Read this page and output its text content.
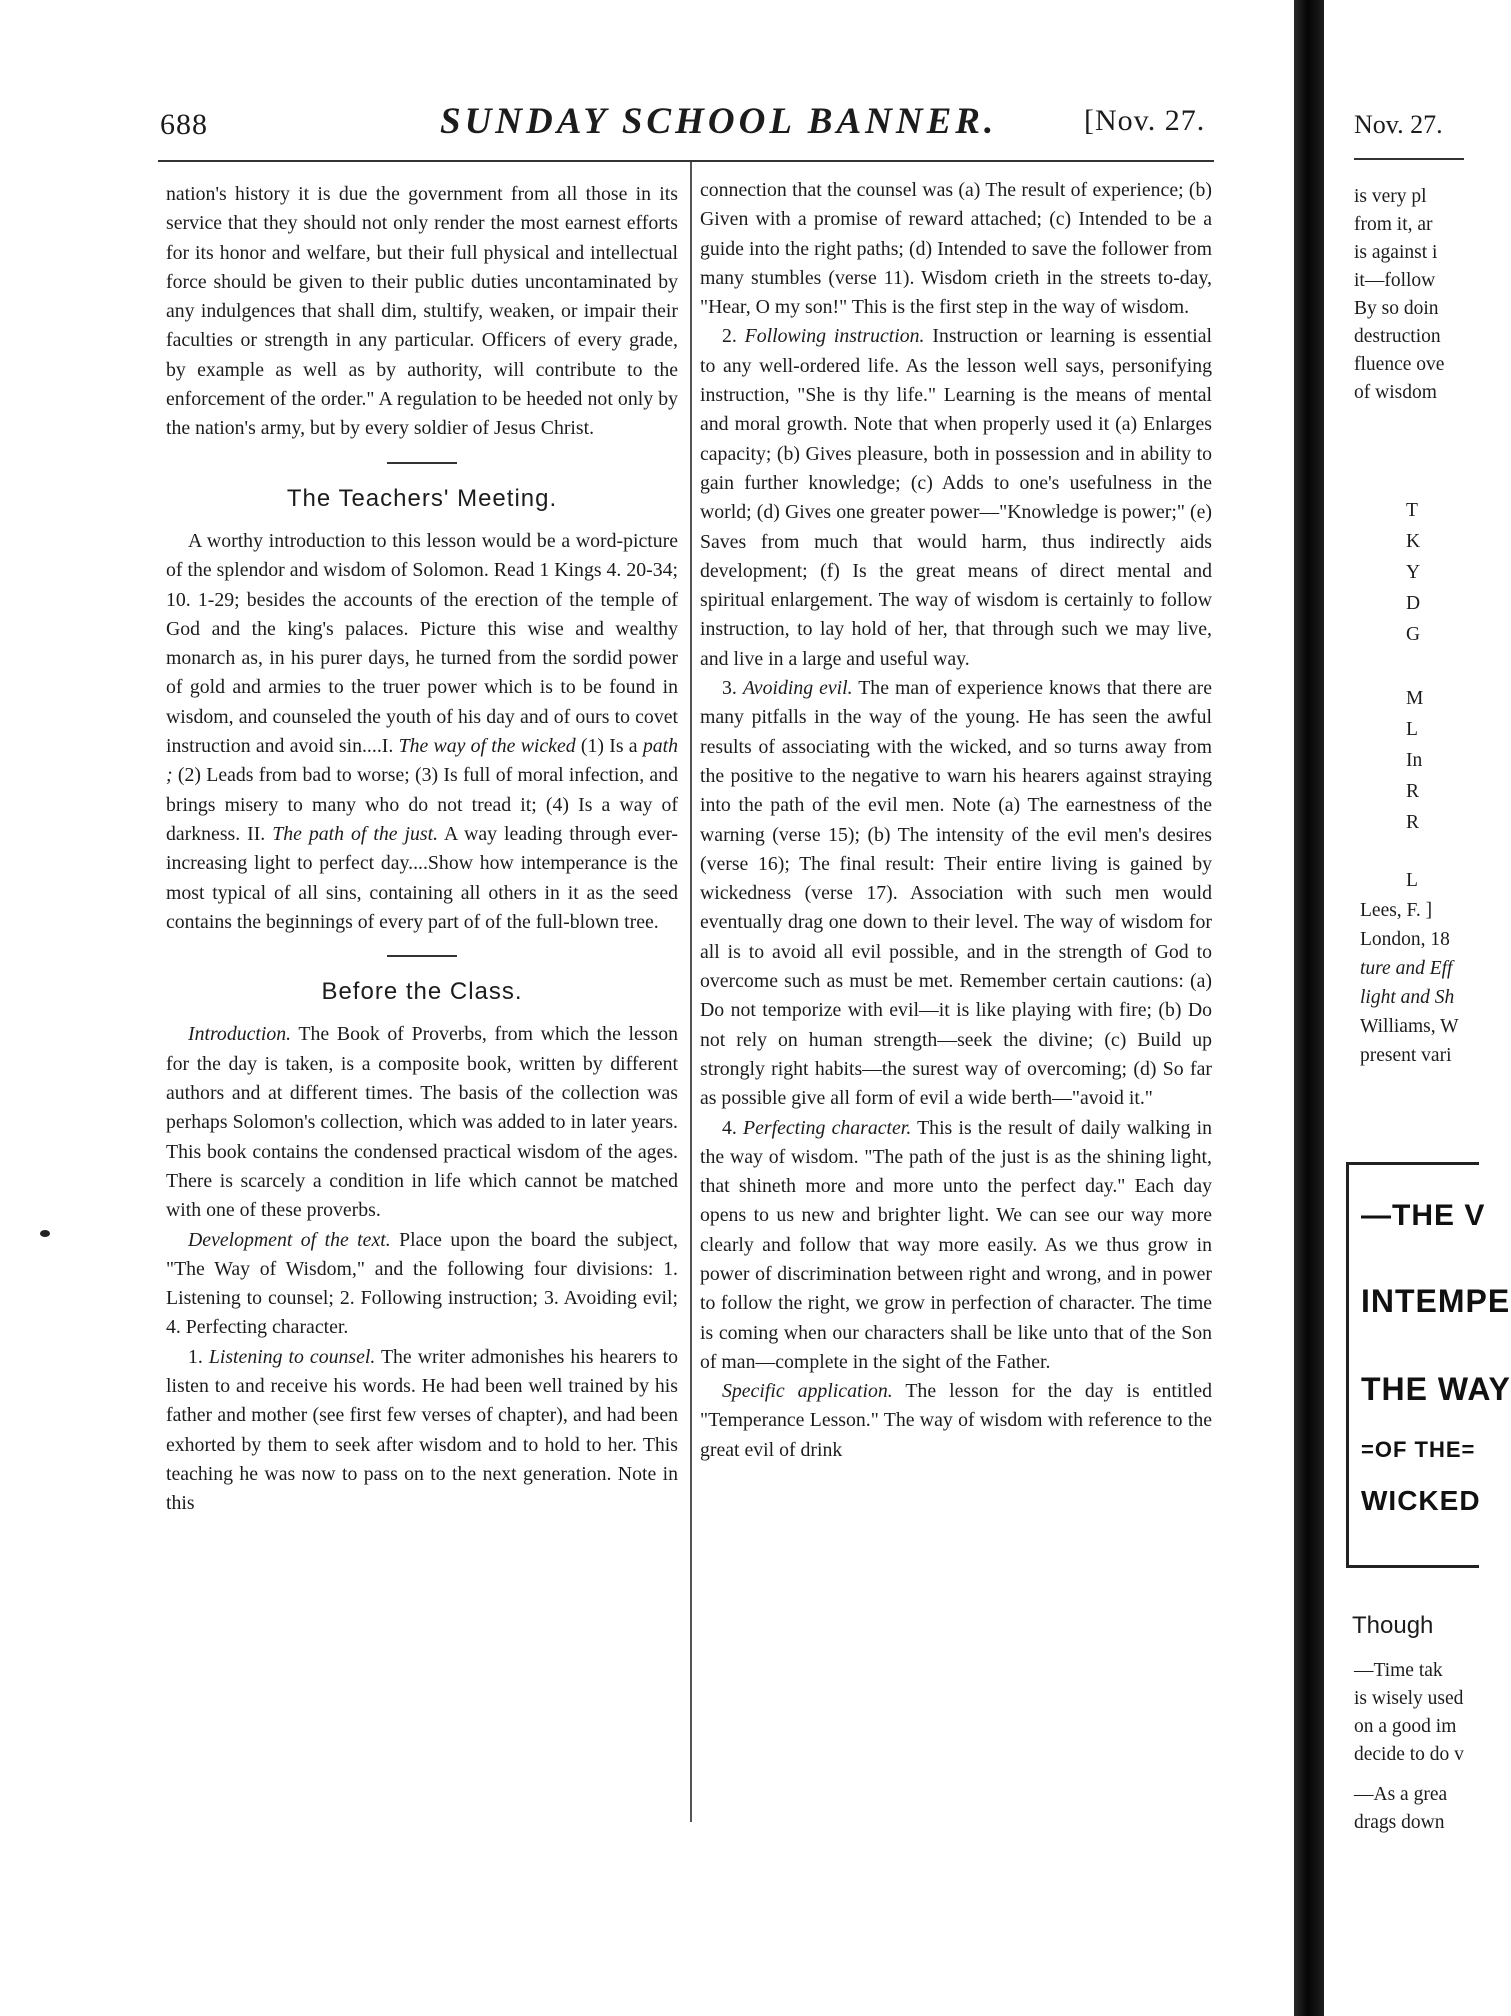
688	SUNDAY SCHOOL BANNER.	[Nov. 27.

nation's history it is due the government from all those in its service that they should not only render the most earnest efforts for its honor and welfare, but their full physical and intellectual force should be given to their public duties uncontaminated by any indulgences that shall dim, stultify, weaken, or impair their faculties or strength in any particular. Officers of every grade, by example as well as by authority, will contribute to the enforcement of the order." A regulation to be heeded not only by the nation's army, but by every soldier of Jesus Christ.

The Teachers' Meeting.

A worthy introduction to this lesson would be a word-picture of the splendor and wisdom of Solomon. Read 1 Kings 4. 20-34; 10. 1-29; besides the accounts of the erection of the temple of God and the king's palaces. Picture this wise and wealthy monarch as, in his purer days, he turned from the sordid power of gold and armies to the truer power which is to be found in wisdom, and counseled the youth of his day and of ours to covet instruction and avoid sin....I. The way of the wicked (1) Is a path ; (2) Leads from bad to worse; (3) Is full of moral infection, and brings misery to many who do not tread it; (4) Is a way of darkness. II. The path of the just. A way leading through ever-increasing light to perfect day....Show how intemperance is the most typical of all sins, containing all others in it as the seed contains the beginnings of every part of of the full-blown tree.

Before the Class.

Introduction. The Book of Proverbs, from which the lesson for the day is taken, is a composite book, written by different authors and at different times. The basis of the collection was perhaps Solomon's collection, which was added to in later years. This book contains the condensed practical wisdom of the ages. There is scarcely a condition in life which cannot be matched with one of these proverbs.

Development of the text. Place upon the board the subject, "The Way of Wisdom," and the following four divisions: 1. Listening to counsel; 2. Following instruction; 3. Avoiding evil; 4. Perfecting character.

1. Listening to counsel. The writer admonishes his hearers to listen to and receive his words. He had been well trained by his father and mother (see first few verses of chapter), and had been exhorted by them to seek after wisdom and to hold to her. This teaching he was now to pass on to the next generation. Note in this

connection that the counsel was (a) The result of experience; (b) Given with a promise of reward attached; (c) Intended to be a guide into the right paths; (d) Intended to save the follower from many stumbles (verse 11). Wisdom crieth in the streets to-day, "Hear, O my son!" This is the first step in the way of wisdom.

2. Following instruction. Instruction or learning is essential to any well-ordered life. As the lesson well says, personifying instruction, "She is thy life." Learning is the means of mental and moral growth. Note that when properly used it (a) Enlarges capacity; (b) Gives pleasure, both in possession and in ability to gain further knowledge; (c) Adds to one's usefulness in the world; (d) Gives one greater power—"Knowledge is power;" (e) Saves from much that would harm, thus indirectly aids development; (f) Is the great means of direct mental and spiritual enlargement. The way of wisdom is certainly to follow instruction, to lay hold of her, that through such we may live, and live in a large and useful way.

3. Avoiding evil. The man of experience knows that there are many pitfalls in the way of the young. He has seen the awful results of associating with the wicked, and so turns away from the positive to the negative to warn his hearers against straying into the path of the evil men. Note (a) The earnestness of the warning (verse 15); (b) The intensity of the evil men's desires (verse 16); The final result: Their entire living is gained by wickedness (verse 17). Association with such men would eventually drag one down to their level. The way of wisdom for all is to avoid all evil possible, and in the strength of God to overcome such as must be met. Remember certain cautions: (a) Do not temporize with evil—it is like playing with fire; (b) Do not rely on human strength—seek the divine; (c) Build up strongly right habits—the surest way of overcoming; (d) So far as possible give all form of evil a wide berth—"avoid it."

4. Perfecting character. This is the result of daily walking in the way of wisdom. "The path of the just is as the shining light, that shineth more and more unto the perfect day." Each day opens to us new and brighter light. We can see our way more clearly and follow that way more easily. As we thus grow in power of discrimination between right and wrong, and in power to follow the right, we grow in perfection of character. The time is coming when our characters shall be like unto that of the Son of man—complete in the sight of the Father.

Specific application. The lesson for the day is entitled "Temperance Lesson." The way of wisdom with reference to the great evil of drink

Nov. 27.
is very pl
from it, ar
is against i
it—follow
By so doin
destruction
fluence ove
of wisdom
T
K
Y
D
G
M
L
In
R
R
L
Lees, F. ]
London, 18
ture and Eff
light and Sh
Williams, W
present vari
—Time tak
is wisely used
on a good im
decide to do v
—As a grea
drags down
—THE V
INTEMPE
THE WAY
=OF THE=
WICKED
Though
